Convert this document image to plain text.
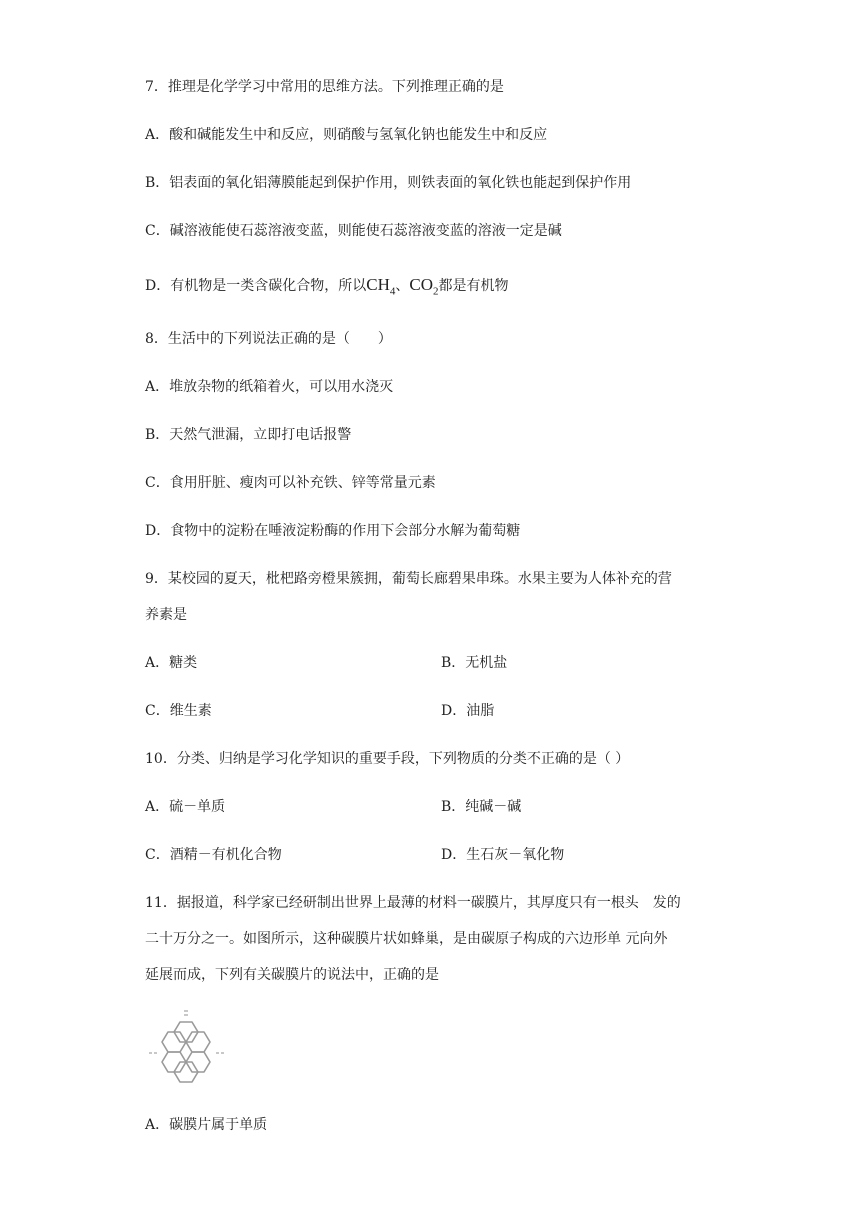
7．推理是化学学习中常用的思维方法。下列推理正确的是
A．酸和碱能发生中和反应，则硝酸与氢氧化钠也能发生中和反应
B．铝表面的氧化铝薄膜能起到保护作用，则铁表面的氧化铁也能起到保护作用
C．碱溶液能使石蕊溶液变蓝，则能使石蕊溶液变蓝的溶液一定是碱
D．有机物是一类含碳化合物，所以$CH_4$、$CO_2$都是有机物
8．生活中的下列说法正确的是（　　）
A．堆放杂物的纸箱着火，可以用水浇灭
B．天然气泄漏，立即打电话报警
C．食用肝脏、瘦肉可以补充铁、锌等常量元素
D．食物中的淀粉在唾液淀粉酶的作用下会部分水解为葡萄糖
9．某校园的夏天，枇杷路旁橙果簇拥，葡萄长廊碧果串珠。水果主要为人体补充的营
养素是
A．糖类	B．无机盐
C．维生素	D．油脂
10．分类、归纳是学习化学知识的重要手段，下列物质的分类不正确的是（ ）
A．硫－单质	B．纯碱－碱
C．酒精－有机化合物	D．生石灰－氧化物
11．据报道，科学家已经研制出世界上最薄的材料一碳膜片，其厚度只有一根头　发的
二十万分之一。如图所示，这种碳膜片状如蜂巢，是由碳原子构成的六边形单 元向外
延展而成，下列有关碳膜片的说法中，正确的是
A．碳膜片属于单质
